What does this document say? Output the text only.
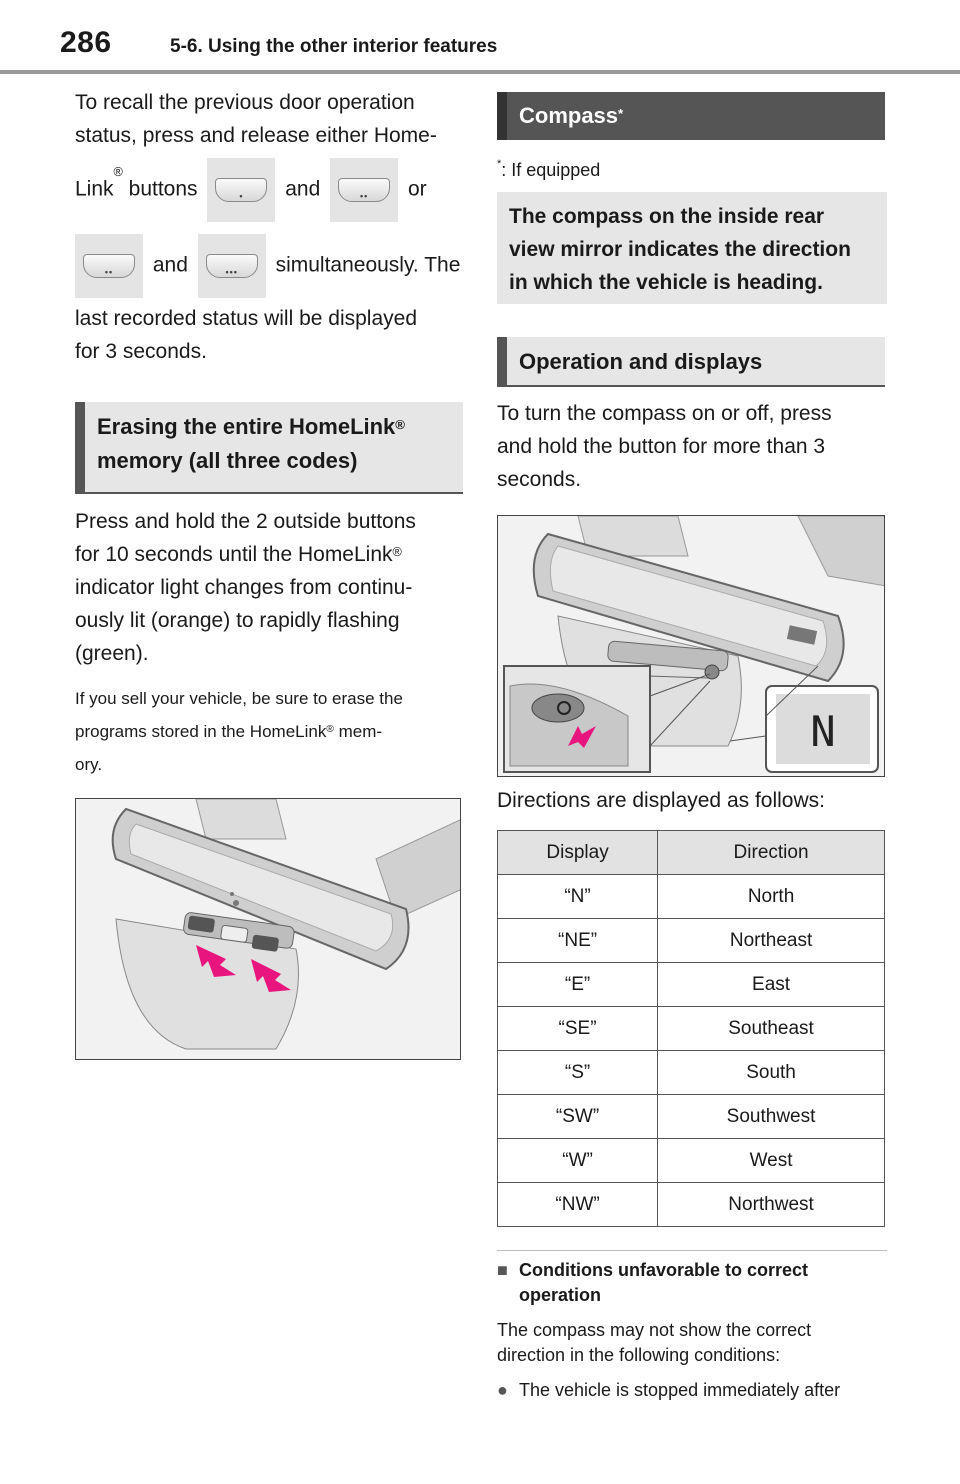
286	5-6. Using the other interior features
To recall the previous door operation
status, press and release either Home-
Link® buttons	•	and	••	or
••	and	•••	simultaneously. The
last recorded status will be displayed
for 3 seconds.
Erasing the entire HomeLink®
memory (all three codes)
Press and hold the 2 outside buttons
for 10 seconds until the HomeLink®
indicator light changes from continu-
ously lit (orange) to rapidly flashing
(green).
If you sell your vehicle, be sure to erase the
programs stored in the HomeLink® mem-
ory.
Compass*
*: If equipped
The compass on the inside rear
view mirror indicates the direction
in which the vehicle is heading.
Operation and displays
To turn the compass on or off, press
and hold the button for more than 3
seconds.
N
Directions are displayed as follows:
Display	Direction
“N”	North
“NE”	Northeast
“E”	East
“SE”	Southeast
“S”	South
“SW”	Southwest
“W”	West
“NW”	Northwest
■ Conditions unfavorable to correct
operation
The compass may not show the correct
direction in the following conditions:
● The vehicle is stopped immediately after
